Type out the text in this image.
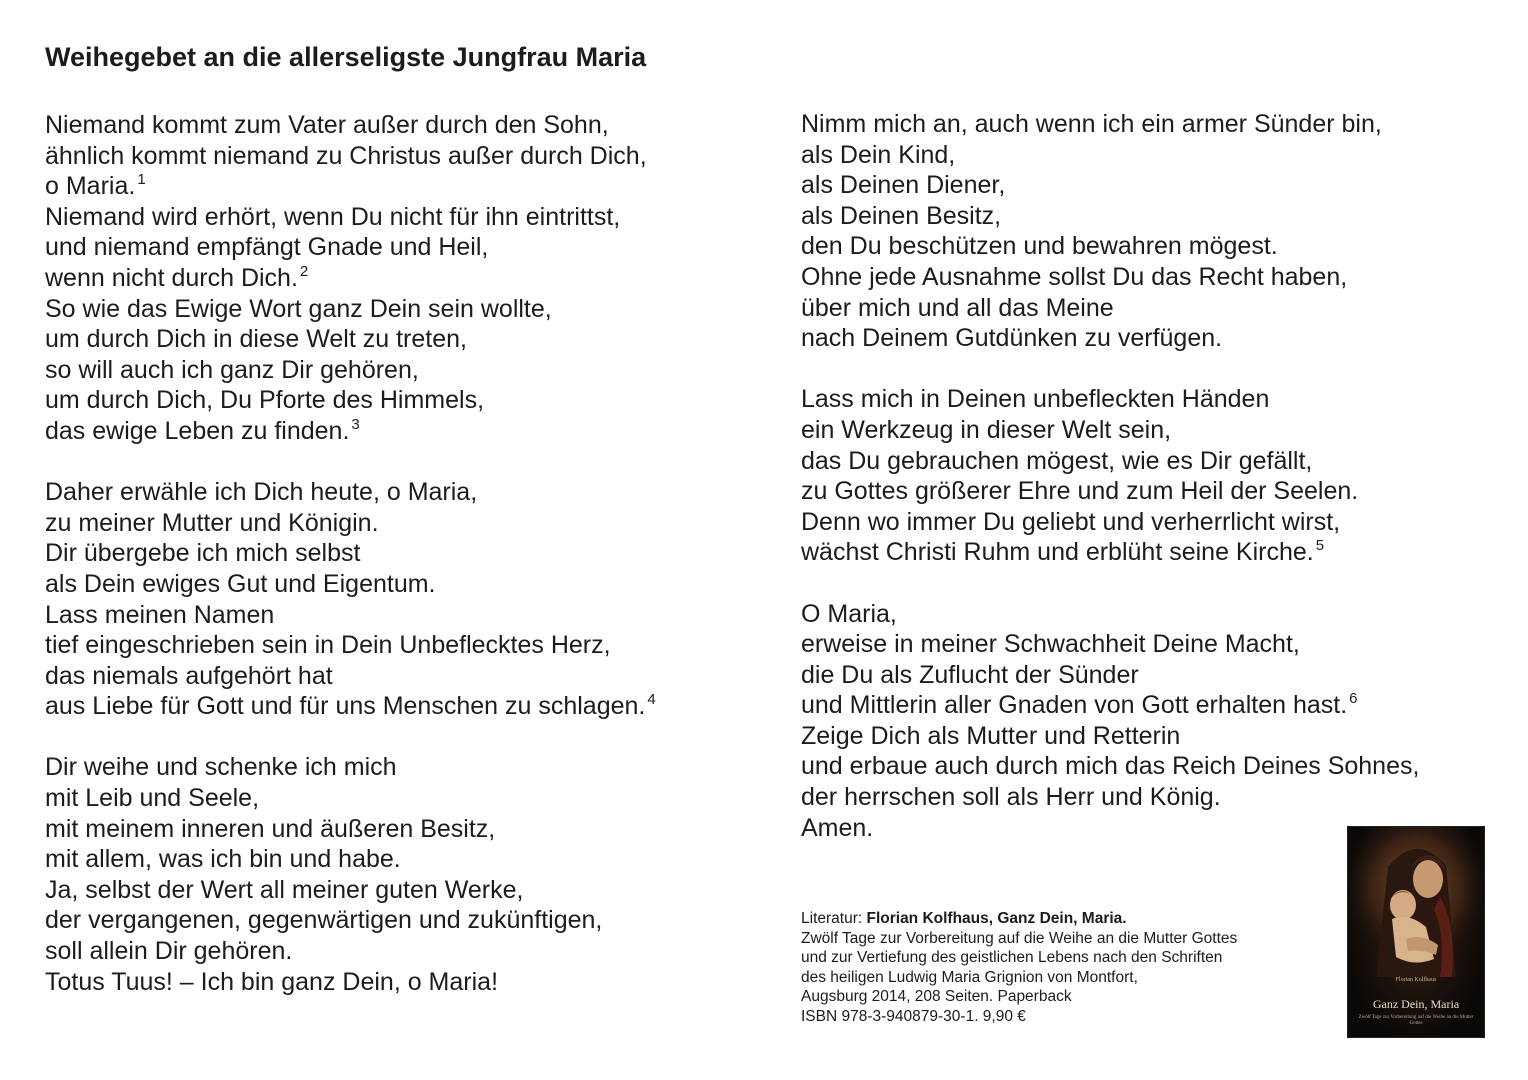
Weihegebet an die allerseligste Jungfrau Maria

Niemand kommt zum Vater außer durch den Sohn,
ähnlich kommt niemand zu Christus außer durch Dich,
o Maria. $^1$
Niemand wird erhört, wenn Du nicht für ihn eintrittst,
und niemand empfängt Gnade und Heil,
wenn nicht durch Dich. $^2$
So wie das Ewige Wort ganz Dein sein wollte,
um durch Dich in diese Welt zu treten,
so will auch ich ganz Dir gehören,
um durch Dich, Du Pforte des Himmels,
das ewige Leben zu finden. $^3$

Daher erwähle ich Dich heute, o Maria,
zu meiner Mutter und Königin.
Dir übergebe ich mich selbst
als Dein ewiges Gut und Eigentum.
Lass meinen Namen
tief eingeschrieben sein in Dein Unbeflecktes Herz,
das niemals aufgehört hat
aus Liebe für Gott und für uns Menschen zu schlagen. $^4$

Dir weihe und schenke ich mich
mit Leib und Seele,
mit meinem inneren und äußeren Besitz,
mit allem, was ich bin und habe.
Ja, selbst der Wert all meiner guten Werke,
der vergangenen, gegenwärtigen und zukünftigen,
soll allein Dir gehören.
Totus Tuus! – Ich bin ganz Dein, o Maria!

Nimm mich an, auch wenn ich ein armer Sünder bin,
als Dein Kind,
als Deinen Diener,
als Deinen Besitz,
den Du beschützen und bewahren mögest.
Ohne jede Ausnahme sollst Du das Recht haben,
über mich und all das Meine
nach Deinem Gutdünken zu verfügen.

Lass mich in Deinen unbefleckten Händen
ein Werkzeug in dieser Welt sein,
das Du gebrauchen mögest, wie es Dir gefällt,
zu Gottes größerer Ehre und zum Heil der Seelen.
Denn wo immer Du geliebt und verherrlicht wirst,
wächst Christi Ruhm und erblüht seine Kirche. $^5$

O Maria,
erweise in meiner Schwachheit Deine Macht,
die Du als Zuflucht der Sünder
und Mittlerin aller Gnaden von Gott erhalten hast. $^6$
Zeige Dich als Mutter und Retterin
und erbaue auch durch mich das Reich Deines Sohnes,
der herrschen soll als Herr und König.
Amen.

Literatur: Florian Kolfhaus, Ganz Dein, Maria.
Zwölf Tage zur Vorbereitung auf die Weihe an die Mutter Gottes
und zur Vertiefung des geistlichen Lebens nach den Schriften
des heiligen Ludwig Maria Grignion von Montfort,
Augsburg 2014, 208 Seiten. Paperback
ISBN 978-3-940879-30-1. 9,90 €
Florian Kolfhaus
Ganz Dein, Maria
Zwölf Tage zur Vorbereitung auf die Weihe an die Mutter Gottes
